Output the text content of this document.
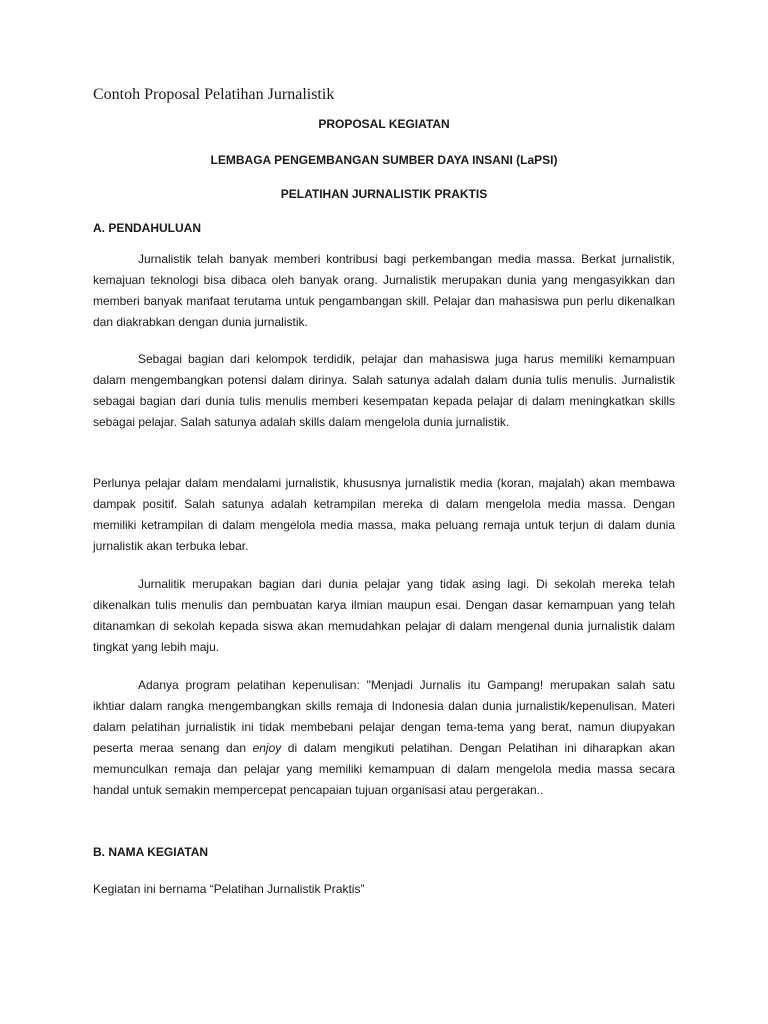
Contoh Proposal Pelatihan Jurnalistik

PROPOSAL KEGIATAN

LEMBAGA PENGEMBANGAN SUMBER DAYA INSANI (LaPSI)

PELATIHAN JURNALISTIK PRAKTIS

A. PENDAHULUAN

Jurnalistik telah banyak memberi kontribusi bagi perkembangan media massa. Berkat jurnalistik, kemajuan teknologi bisa dibaca oleh banyak orang. Jurnalistik merupakan dunia yang mengasyikkan dan memberi banyak manfaat terutama untuk pengambangan skill. Pelajar dan mahasiswa pun perlu dikenalkan dan diakrabkan dengan dunia jurnalistik.

Sebagai bagian dari kelompok terdidik, pelajar dan mahasiswa juga harus memiliki kemampuan dalam mengembangkan potensi dalam dirinya. Salah satunya adalah dalam dunia tulis menulis. Jurnalistik sebagai bagian dari dunia tulis menulis memberi kesempatan kepada pelajar di dalam meningkatkan skills sebagai pelajar. Salah satunya adalah skills dalam mengelola dunia jurnalistik.

Perlunya pelajar dalam mendalami jurnalistik, khususnya jurnalistik media (koran, majalah) akan membawa dampak positif. Salah satunya adalah ketrampilan mereka di dalam mengelola media massa. Dengan memiliki ketrampilan di dalam mengelola media massa, maka peluang remaja untuk terjun di dalam dunia jurnalistik akan terbuka lebar.

Jurnalitik merupakan bagian dari dunia pelajar yang tidak asing lagi. Di sekolah mereka telah dikenalkan tulis menulis dan pembuatan karya ilmian maupun esai. Dengan dasar kemampuan yang telah ditanamkan di sekolah kepada siswa akan memudahkan pelajar di dalam mengenal dunia jurnalistik dalam tingkat yang lebih maju.

Adanya program pelatihan kepenulisan: "Menjadi Jurnalis itu Gampang! merupakan salah satu ikhtiar dalam rangka mengembangkan skills remaja di Indonesia dalan dunia jurnalistik/kepenulisan. Materi dalam pelatihan jurnalistik ini tidak membebani pelajar dengan tema-tema yang berat, namun diupyakan peserta meraa senang dan enjoy di dalam mengikuti pelatihan. Dengan Pelatihan ini diharapkan akan memunculkan remaja dan pelajar yang memiliki kemampuan di dalam mengelola media massa secara handal untuk semakin mempercepat pencapaian tujuan organisasi atau pergerakan..

B. NAMA KEGIATAN

Kegiatan ini bernama “Pelatihan Jurnalistik Praktis”
